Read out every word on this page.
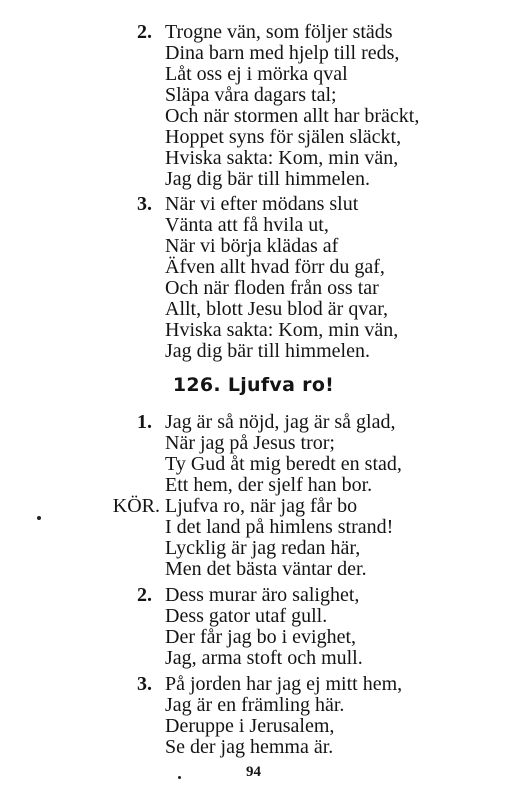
2. Trogne vän, som följer städs
Dina barn med hjelp till reds,
Låt oss ej i mörka qval
Släpa våra dagars tal;
Och när stormen allt har bräckt,
Hoppet syns för själen släckt,
Hviska sakta: Kom, min vän,
Jag dig bär till himmelen.
3. När vi efter mödans slut
Vänta att få hvila ut,
När vi börja klädas af
Äfven allt hvad förr du gaf,
Och när floden från oss tar
Allt, blott Jesu blod är qvar,
Hviska sakta: Kom, min vän,
Jag dig bär till himmelen.
126. Ljufva ro!
1. Jag är så nöjd, jag är så glad,
När jag på Jesus tror;
Ty Gud åt mig beredt en stad,
Ett hem, der sjelf han bor.
KÖR. Ljufva ro, när jag får bo
I det land på himlens strand!
Lycklig är jag redan här,
Men det bästa väntar der.
2. Dess murar äro salighet,
Dess gator utaf gull.
Der får jag bo i evighet,
Jag, arma stoft och mull.
3. På jorden har jag ej mitt hem,
Jag är en främling här.
Deruppe i Jerusalem,
Se der jag hemma är.
94
